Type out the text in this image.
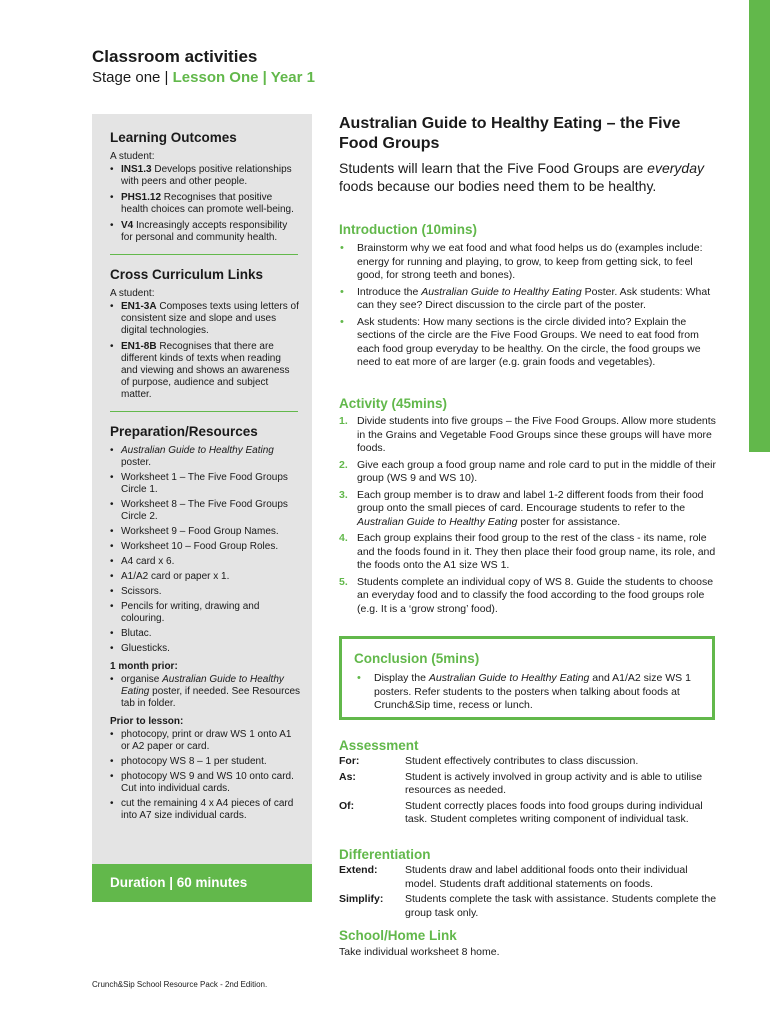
Classroom activities
Stage one | Lesson One | Year 1
Learning Outcomes
A student:
• INS1.3 Develops positive relationships with peers and other people.
• PHS1.12 Recognises that positive health choices can promote well-being.
• V4 Increasingly accepts responsibility for personal and community health.
Cross Curriculum Links
A student:
• EN1-3A Composes texts using letters of consistent size and slope and uses digital technologies.
• EN1-8B Recognises that there are different kinds of texts when reading and viewing and shows an awareness of purpose, audience and subject matter.
Preparation/Resources
• Australian Guide to Healthy Eating poster.
• Worksheet 1 – The Five Food Groups Circle 1.
• Worksheet 8 – The Five Food Groups Circle 2.
• Worksheet 9 – Food Group Names.
• Worksheet 10 – Food Group Roles.
• A4 card x 6.
• A1/A2 card or paper x 1.
• Scissors.
• Pencils for writing, drawing and colouring.
• Blutac.
• Gluesticks.
1 month prior:
• organise Australian Guide to Healthy Eating poster, if needed. See Resources tab in folder.
Prior to lesson:
• photocopy, print or draw WS 1 onto A1 or A2 paper or card.
• photocopy WS 8 – 1 per student.
• photocopy WS 9 and WS 10 onto card. Cut into individual cards.
• cut the remaining 4 x A4 pieces of card into A7 size individual cards.
Duration | 60 minutes
Australian Guide to Healthy Eating – the Five Food Groups
Students will learn that the Five Food Groups are everyday foods because our bodies need them to be healthy.
Introduction (10mins)
• Brainstorm why we eat food and what food helps us do (examples include: energy for running and playing, to grow, to keep from getting sick, to feel good, for strong teeth and bones).
• Introduce the Australian Guide to Healthy Eating Poster. Ask students: What can they see? Direct discussion to the circle part of the poster.
• Ask students: How many sections is the circle divided into? Explain the sections of the circle are the Five Food Groups. We need to eat food from each food group everyday to be healthy. On the circle, the food groups we need to eat more of are larger (e.g. grain foods and vegetables).
Activity (45mins)
1. Divide students into five groups – the Five Food Groups. Allow more students in the Grains and Vegetable Food Groups since these groups will have more foods.
2. Give each group a food group name and role card to put in the middle of their group (WS 9 and WS 10).
3. Each group member is to draw and label 1-2 different foods from their food group onto the small pieces of card. Encourage students to refer to the Australian Guide to Healthy Eating poster for assistance.
4. Each group explains their food group to the rest of the class - its name, role and the foods found in it. They then place their food group name, its role, and the foods onto the A1 size WS 1.
5. Students complete an individual copy of WS 8. Guide the students to choose an everyday food and to classify the food according to the food groups role (e.g. It is a ‘grow strong’ food).
Conclusion (5mins)
• Display the Australian Guide to Healthy Eating and A1/A2 size WS 1 posters. Refer students to the posters when talking about foods at Crunch&Sip time, recess or lunch.
Assessment
For:	Student effectively contributes to class discussion.
As:	Student is actively involved in group activity and is able to utilise resources as needed.
Of:	Student correctly places foods into food groups during individual task. Student completes writing component of individual task.
Differentiation
Extend:	Students draw and label additional foods onto their individual model. Students draft additional statements on foods.
Simplify:	Students complete the task with assistance. Students complete the group task only.
School/Home Link
Take individual worksheet 8 home.
Crunch&Sip School Resource Pack - 2nd Edition.
